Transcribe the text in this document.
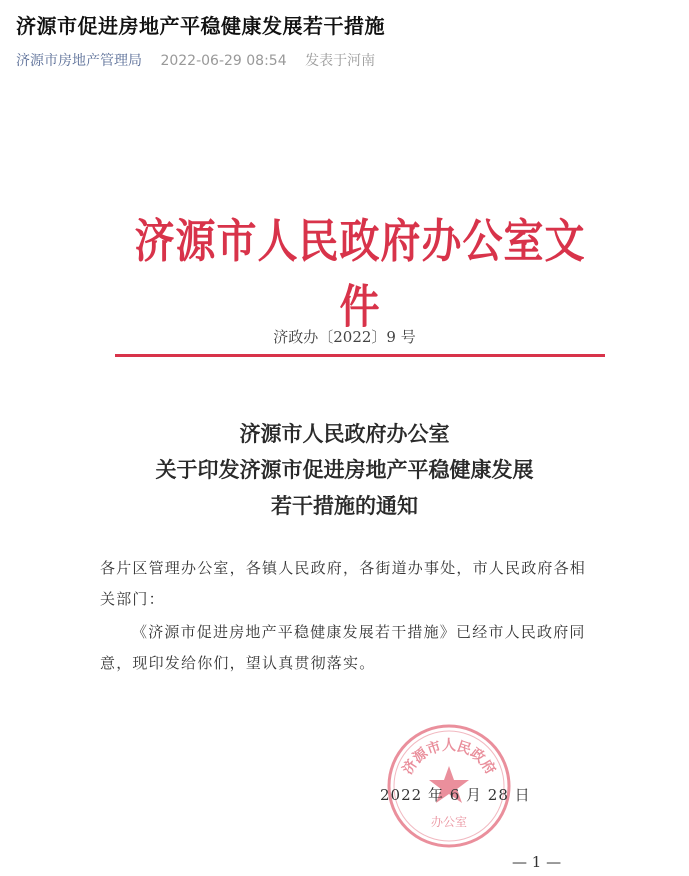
济源市促进房地产平稳健康发展若干措施
济源市房地产管理局 2022-06-29 08:54 发表于河南
济源市人民政府办公室文件
济政办〔2022〕9 号
济源市人民政府办公室
关于印发济源市促进房地产平稳健康发展
若干措施的通知
各片区管理办公室，各镇人民政府，各街道办事处，市人民政府各相关部门：
《济源市促进房地产平稳健康发展若干措施》已经市人民政府同意，现印发给你们，望认真贯彻落实。
济源市人民政府
办公室
2022 年 6 月 28 日
— 1 —
